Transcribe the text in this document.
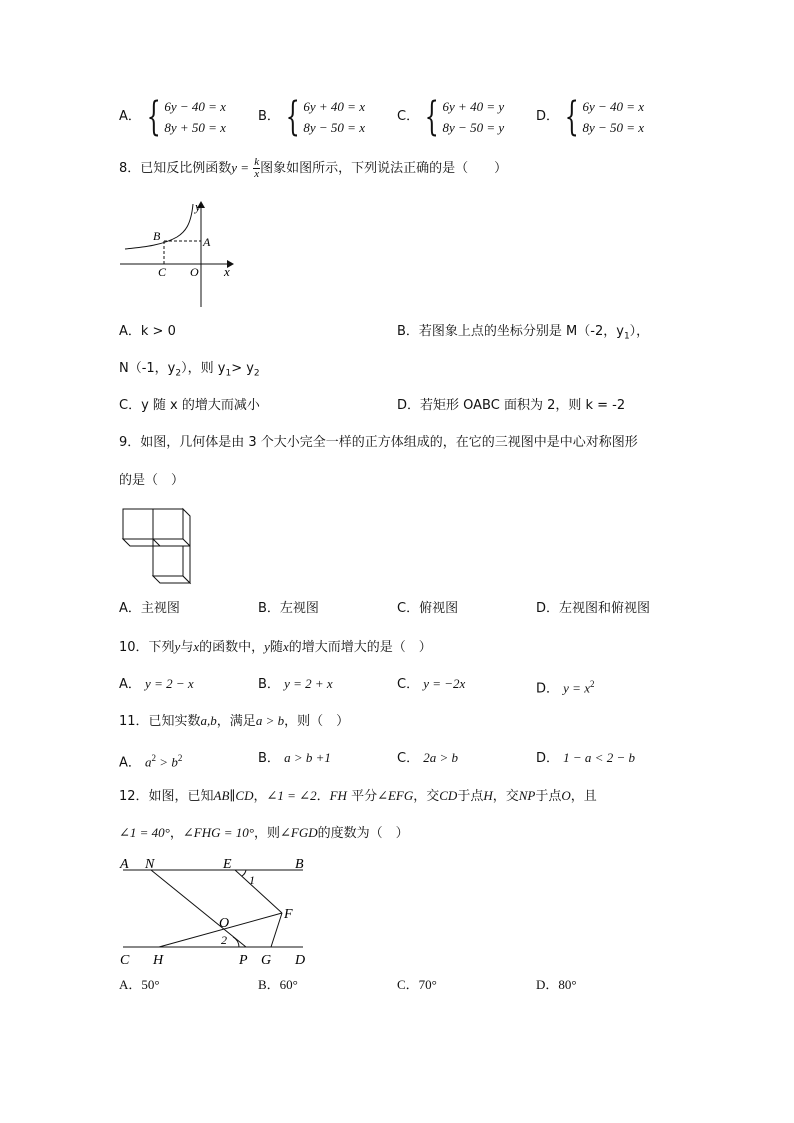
A． { 6y − 40 = x
8y + 50 = x
B． { 6y + 40 = x
8y − 50 = x
C． { 6y + 40 = y
8y − 50 = y
D． { 6y − 40 = x
8y − 50 = x
8．已知反比例函数$y = \frac{k}{x}$ 图象如图所示，下列说法正确的是（　　）
y
x
A
B
C O
A．k > 0	B．若图象上点的坐标分别是 M（-2，$y_1$），
N（-1，$y_2$），则 $y_1> y_2$
C．y 随 x 的增大而减小	D．若矩形 OABC 面积为 2，则 k = -2
9．如图，几何体是由 3 个大小完全一样的正方体组成的，在它的三视图中是中心对称图形
的是（　）
A．主视图	B．左视图	C．俯视图	D．左视图和俯视图
10．下列y与x的函数中，y随x的增大而增大的是（　）
A． y = 2 − x	B． y = 2 + x	C． y = −2x	D． $y = x^2$
11．已知实数a,b，满足a > b，则（　）
A． $a^2 > b^2$	B． a > b +1	C． 2a > b	D． 1 − a < 2 − b
12．如图，已知AB∥CD，∠1 = ∠2．FH 平分∠EFG，交CD于点H，交NP于点O，且
∠1 = 40°，∠FHG = 10°，则∠FGD的度数为（　）
A N	E	B
1
O
F
2
C H	P G D
A．50°	B．60°	C．70°	D．80°
